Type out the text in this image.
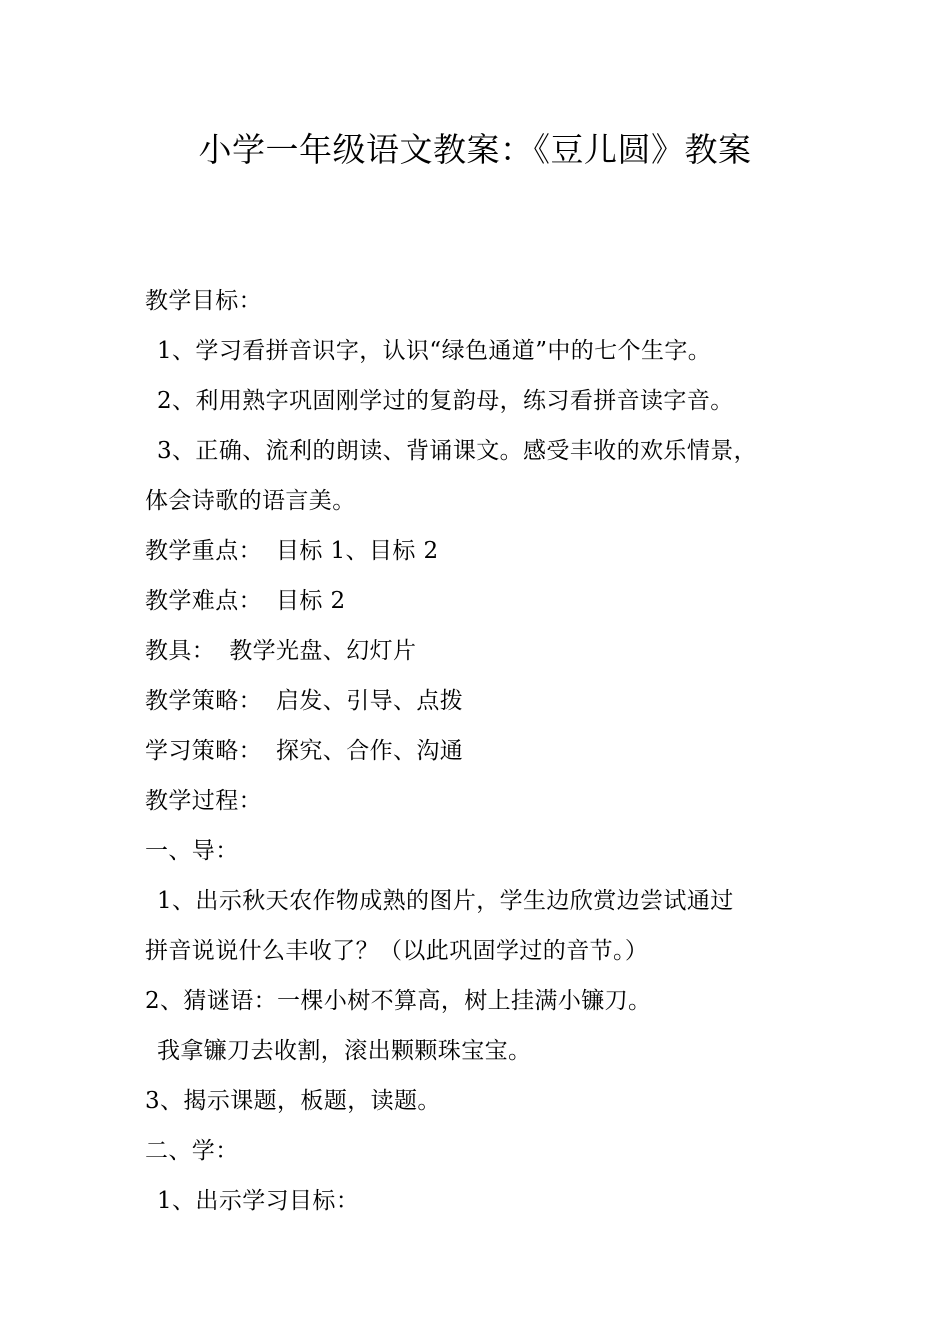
小学一年级语文教案：《豆儿圆》教案
教学目标：
1、学习看拼音识字，认识“绿色通道”中的七个生字。
2、利用熟字巩固刚学过的复韵母，练习看拼音读字音。
3、正确、流利的朗读、背诵课文。感受丰收的欢乐情景，
体会诗歌的语言美。
教学重点： 目标 1、目标 2
教学难点： 目标 2
教具： 教学光盘、幻灯片
教学策略： 启发、引导、点拨
学习策略： 探究、合作、沟通
教学过程：
一、导：
1、出示秋天农作物成熟的图片，学生边欣赏边尝试通过
拼音说说什么丰收了？（以此巩固学过的音节。）
2、猜谜语：一棵小树不算高，树上挂满小镰刀。
我拿镰刀去收割，滚出颗颗珠宝宝。
3、揭示课题，板题，读题。
二、学：
1、出示学习目标：
